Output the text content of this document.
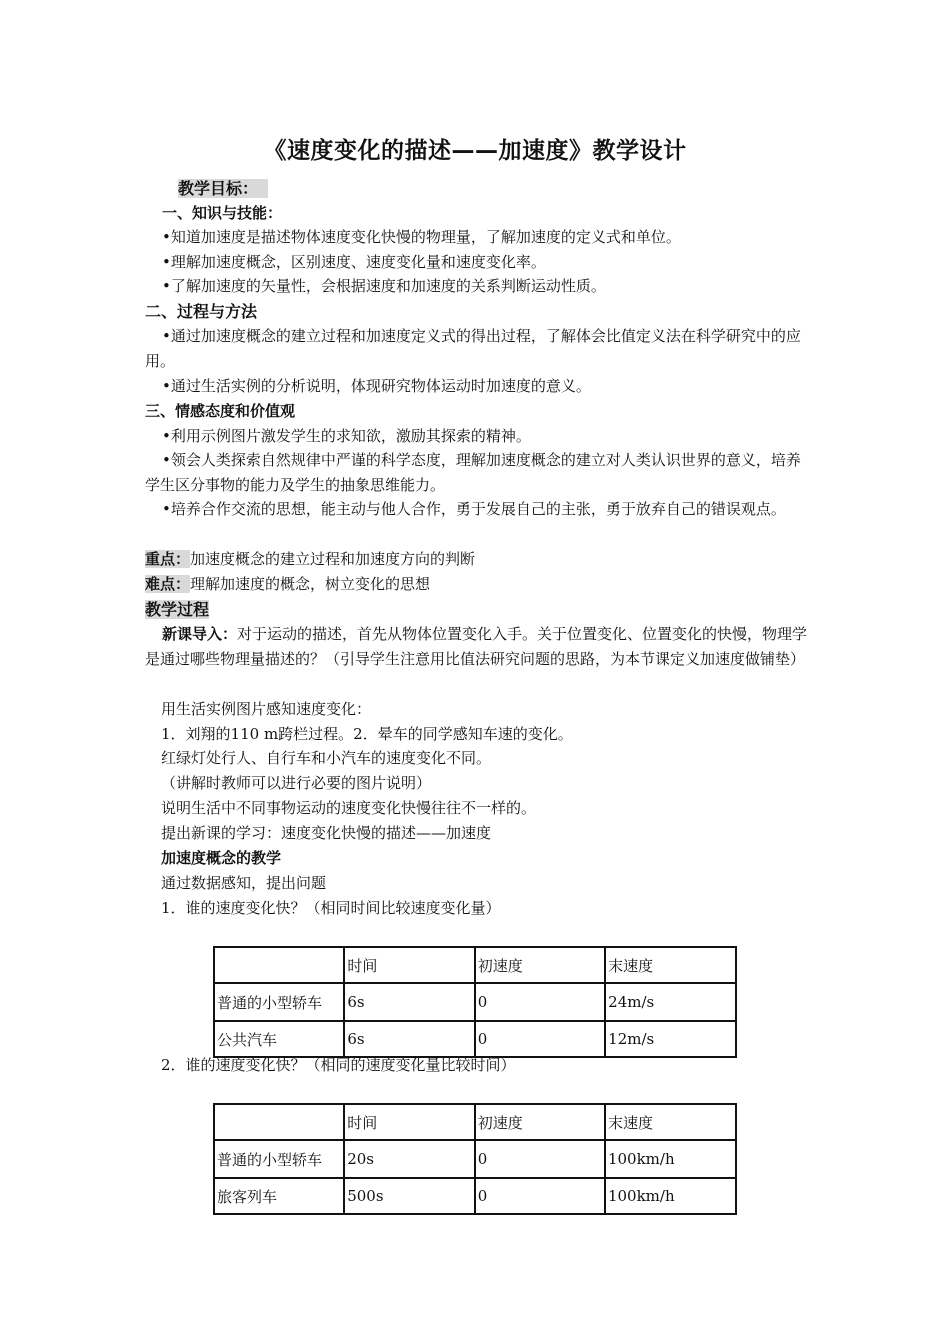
《速度变化的描述——加速度》教学设计
教学目标：
一、知识与技能：
•知道加速度是描述物体速度变化快慢的物理量，了解加速度的定义式和单位。
•理解加速度概念，区别速度、速度变化量和速度变化率。
•了解加速度的矢量性，会根据速度和加速度的关系判断运动性质。
二、过程与方法
•通过加速度概念的建立过程和加速度定义式的得出过程，了解体会比值定义法在科学研究中的应用。
•通过生活实例的分析说明，体现研究物体运动时加速度的意义。
三、情感态度和价值观
•利用示例图片激发学生的求知欲，激励其探索的精神。
•领会人类探索自然规律中严谨的科学态度，理解加速度概念的建立对人类认识世界的意义，培养学生区分事物的能力及学生的抽象思维能力。
•培养合作交流的思想，能主动与他人合作，勇于发展自己的主张，勇于放弃自己的错误观点。
重点：加速度概念的建立过程和加速度方向的判断
难点：理解加速度的概念，树立变化的思想
教学过程
新课导入：对于运动的描述，首先从物体位置变化入手。关于位置变化、位置变化的快慢，物理学是通过哪些物理量描述的？（引导学生注意用比值法研究问题的思路，为本节课定义加速度做铺垫）
用生活实例图片感知速度变化：
1．刘翔的110 m跨栏过程。2．晕车的同学感知车速的变化。
红绿灯处行人、自行车和小汽车的速度变化不同。
（讲解时教师可以进行必要的图片说明）
说明生活中不同事物运动的速度变化快慢往往不一样的。
提出新课的学习：速度变化快慢的描述——加速度
加速度概念的教学
通过数据感知，提出问题
1．谁的速度变化快？（相同时间比较速度变化量）
	时间	初速度	末速度
普通的小型轿车	6s	0	24m/s
公共汽车	6s	0	12m/s
2．谁的速度变化快？（相同的速度变化量比较时间）
	时间	初速度	末速度
普通的小型轿车	20s	0	100km/h
旅客列车	500s	0	100km/h
